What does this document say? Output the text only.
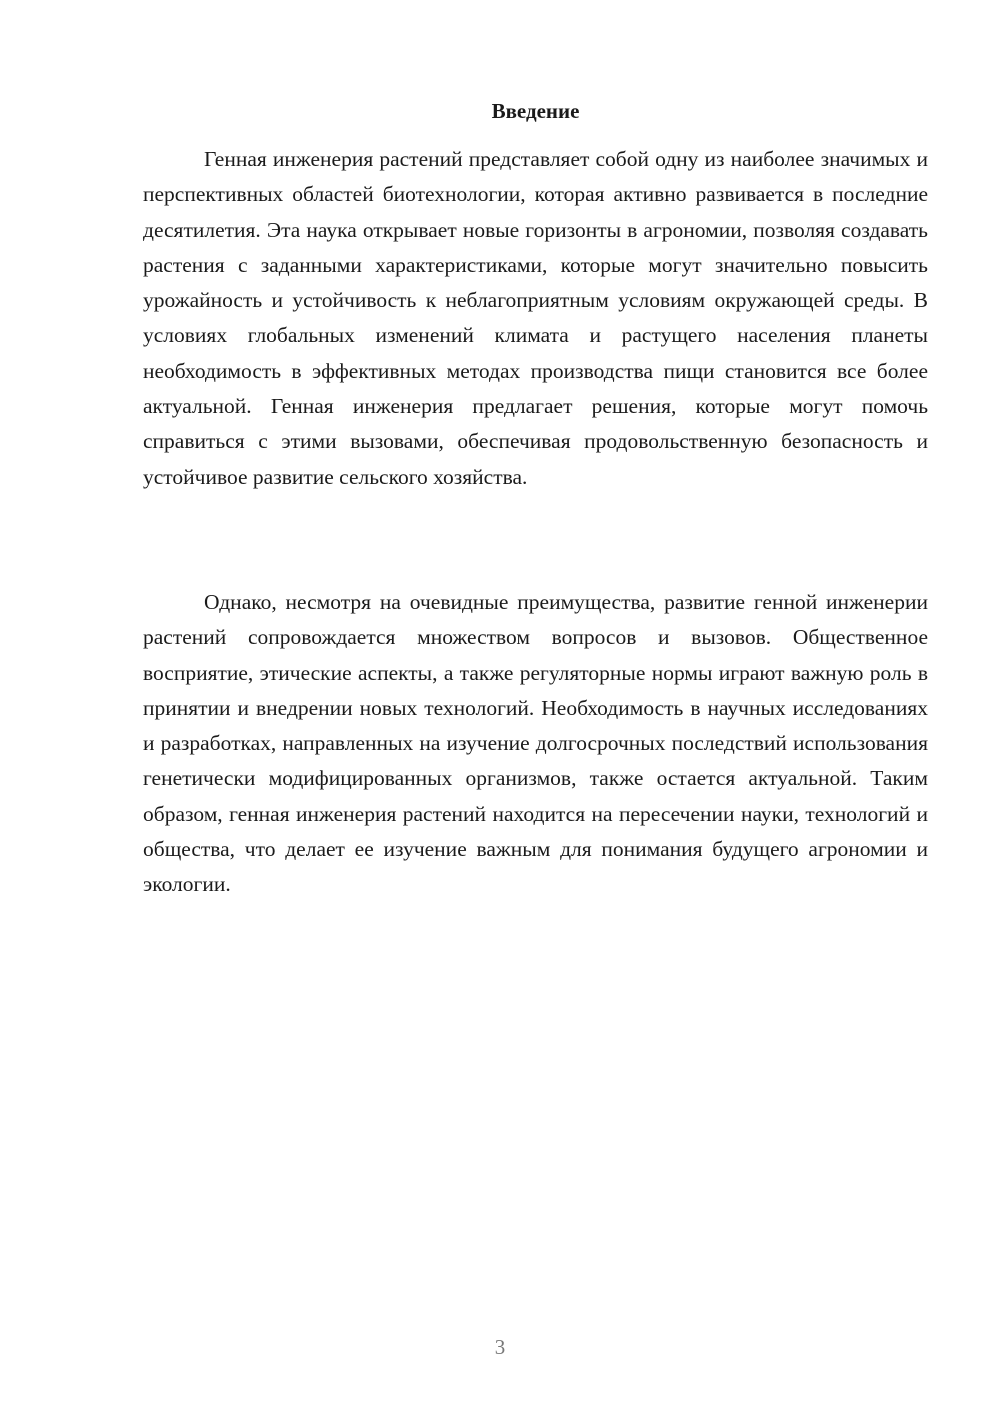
Введение

Генная инженерия растений представляет собой одну из наиболее значимых и перспективных областей биотехнологии, которая активно развивается в последние десятилетия. Эта наука открывает новые горизонты в агрономии, позволяя создавать растения с заданными характеристиками, которые могут значительно повысить урожайность и устойчивость к неблагоприятным условиям окружающей среды. В условиях глобальных изменений климата и растущего населения планеты необходимость в эффективных методах производства пищи становится все более актуальной. Генная инженерия предлагает решения, которые могут помочь справиться с этими вызовами, обеспечивая продовольственную безопасность и устойчивое развитие сельского хозяйства.

Однако, несмотря на очевидные преимущества, развитие генной инженерии растений сопровождается множеством вопросов и вызовов. Общественное восприятие, этические аспекты, а также регуляторные нормы играют важную роль в принятии и внедрении новых технологий. Необходимость в научных исследованиях и разработках, направленных на изучение долгосрочных последствий использования генетически модифицированных организмов, также остается актуальной. Таким образом, генная инженерия растений находится на пересечении науки, технологий и общества, что делает ее изучение важным для понимания будущего агрономии и экологии.

3
